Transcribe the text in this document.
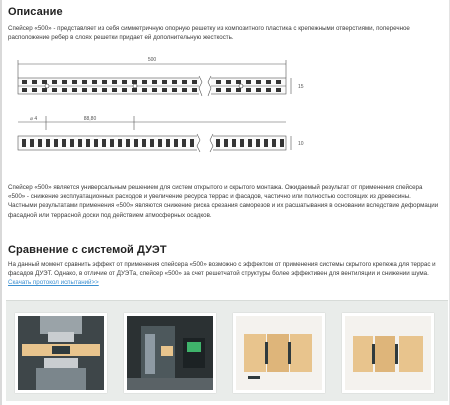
Описание
Спейсер «500» - представляет из себя симметричную опорную решетку из композитного пластика с крепежными отверстиями, поперечное расположение ребер в слоях решетки придает ей дополнительную жесткость.
500
⌀ 4	88,80
15
10
Спейсер «500» является универсальным решением для систем открытого и скрытого монтажа. Ожидаемый результат от применения спейсера «500» - снижение эксплуатационных расходов и увеличение ресурса террас и фасадов, частично или полностью состоящих из древесины.
Частными результатами применения «500» являются снижение риска срезания саморезов и их расшатывания в основании вследствие деформации фасадной или террасной доски под действием атмосферных осадков.
Сравнение с системой ДУЭТ
На данный момент сравнить эффект от применения спейсера «500» возможно с эффектом от применения системы скрытого крепежа для террас и фасадов ДУЭТ. Однако, в отличие от ДУЭТа, спейсер «500» за счет решетчатой структуры более эффективен для вентиляции и снижении шума. Скачать протокол испытаний>>
